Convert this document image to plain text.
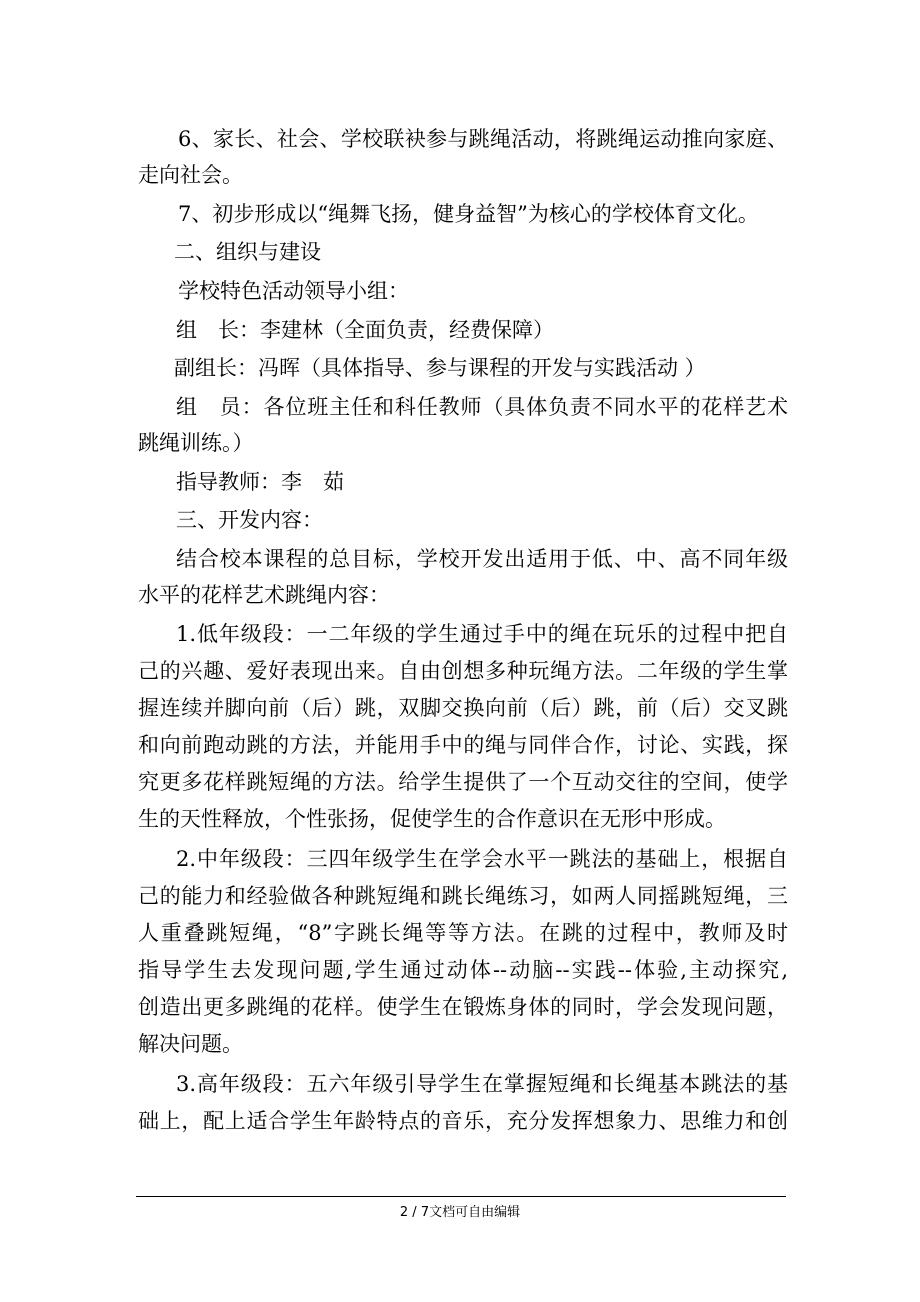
6、家长、社会、学校联袂参与跳绳活动，将跳绳运动推向家庭、
走向社会。
7、初步形成以“绳舞飞扬，健身益智”为核心的学校体育文化。
二、组织与建设
学校特色活动领导小组：
组　长：李建林（全面负责，经费保障）
副组长：冯晖（具体指导、参与课程的开发与实践活动 ）
组　员：各位班主任和科任教师（具体负责不同水平的花样艺术
跳绳训练。）
指导教师：李　茹
三、开发内容：
结合校本课程的总目标，学校开发出适用于低、中、高不同年级
水平的花样艺术跳绳内容：
1.低年级段：一二年级的学生通过手中的绳在玩乐的过程中把自
己的兴趣、爱好表现出来。自由创想多种玩绳方法。二年级的学生掌
握连续并脚向前（后）跳，双脚交换向前（后）跳，前（后）交叉跳
和向前跑动跳的方法，并能用手中的绳与同伴合作，讨论、实践，探
究更多花样跳短绳的方法。给学生提供了一个互动交往的空间，使学
生的天性释放，个性张扬，促使学生的合作意识在无形中形成。
2.中年级段：三四年级学生在学会水平一跳法的基础上，根据自
己的能力和经验做各种跳短绳和跳长绳练习，如两人同摇跳短绳，三
人重叠跳短绳，“8”字跳长绳等等方法。在跳的过程中，教师及时
指导学生去发现问题,学生通过动体--动脑--实践--体验,主动探究,
创造出更多跳绳的花样。使学生在锻炼身体的同时，学会发现问题，
解决问题。
3.高年级段：五六年级引导学生在掌握短绳和长绳基本跳法的基
础上，配上适合学生年龄特点的音乐，充分发挥想象力、思维力和创
2 / 7文档可自由编辑
